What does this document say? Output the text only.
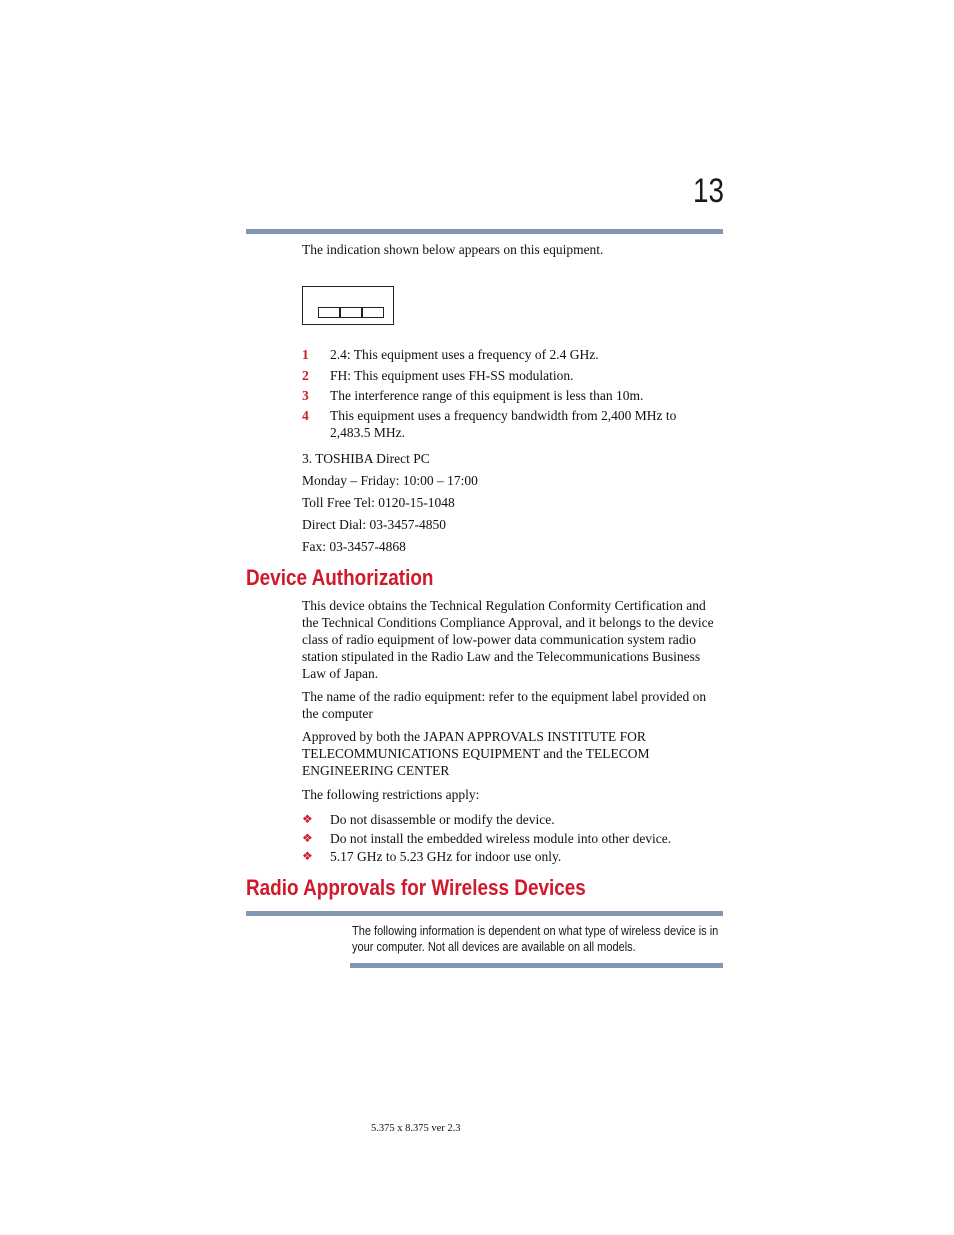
13
The indication shown below appears on this equipment.
1	2.4: This equipment uses a frequency of 2.4 GHz.
2	FH: This equipment uses FH-SS modulation.
3	The interference range of this equipment is less than 10m.
4	This equipment uses a frequency bandwidth from 2,400 MHz to 2,483.5 MHz.
3. TOSHIBA Direct PC
Monday – Friday: 10:00 – 17:00
Toll Free Tel: 0120-15-1048
Direct Dial: 03-3457-4850
Fax: 03-3457-4868
Device Authorization
This device obtains the Technical Regulation Conformity Certification and the Technical Conditions Compliance Approval, and it belongs to the device class of radio equipment of low-power data communication system radio station stipulated in the Radio Law and the Telecommunications Business Law of Japan.
The name of the radio equipment: refer to the equipment label provided on the computer
Approved by both the JAPAN APPROVALS INSTITUTE FOR TELECOMMUNICATIONS EQUIPMENT and the TELECOM ENGINEERING CENTER
The following restrictions apply:
❖	Do not disassemble or modify the device.
❖	Do not install the embedded wireless module into other device.
❖	5.17 GHz to 5.23 GHz for indoor use only.
Radio Approvals for Wireless Devices
The following information is dependent on what type of wireless device is in your computer. Not all devices are available on all models.
5.375 x 8.375 ver 2.3
